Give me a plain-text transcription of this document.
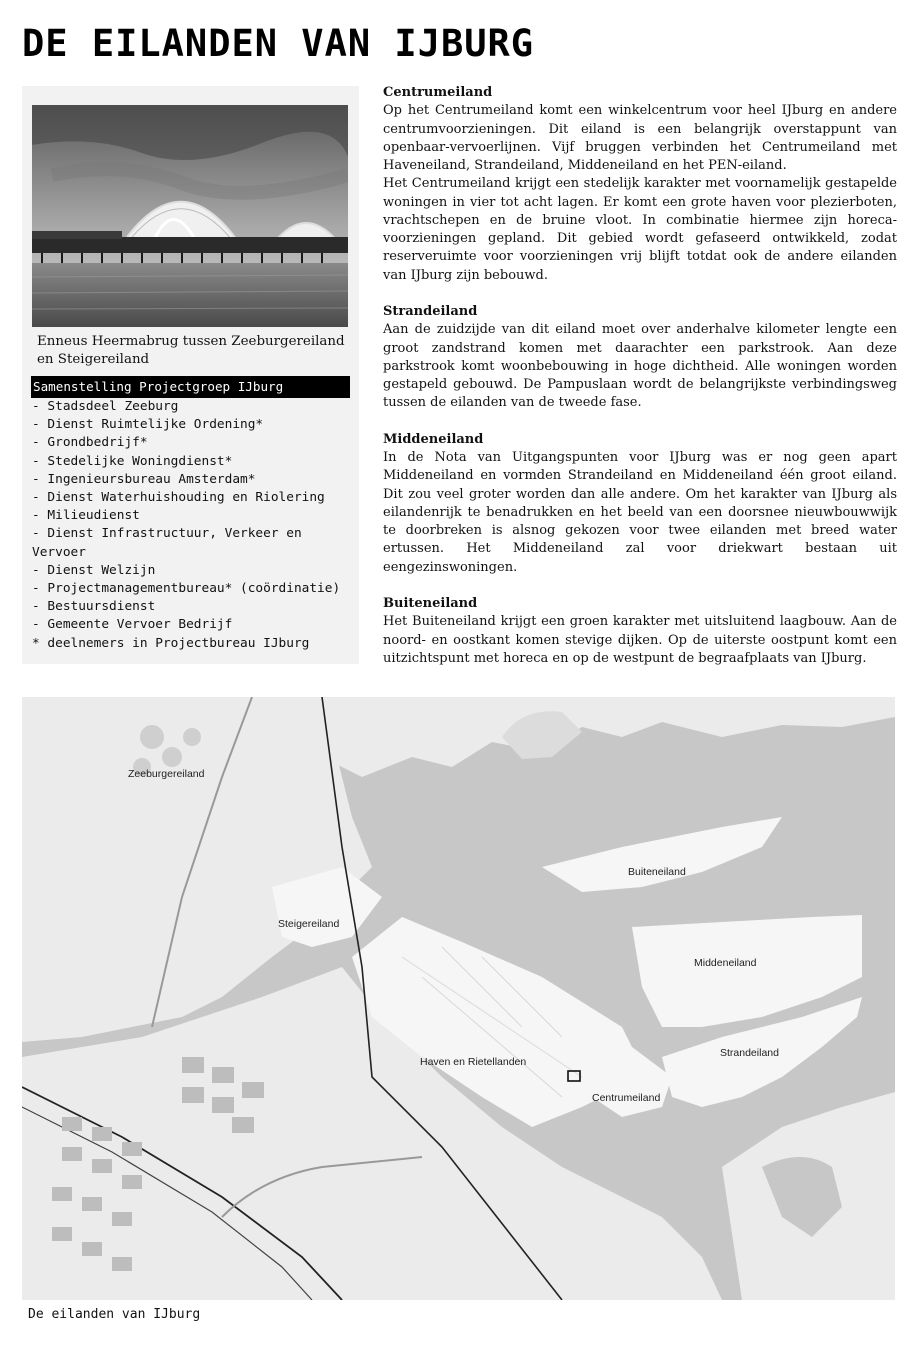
DE EILANDEN VAN IJBURG
Enneus Heermabrug tussen Zeeburgereiland en Steigereiland
Samenstelling Projectgroep IJburg
- Stadsdeel Zeeburg
- Dienst Ruimtelijke Ordening*
- Grondbedrijf*
- Stedelijke Woningdienst*
- Ingenieursbureau Amsterdam*
- Dienst Waterhuishouding en Riolering
- Milieudienst
- Dienst Infrastructuur, Verkeer en Vervoer
- Dienst Welzijn
- Projectmanagementbureau* (coördinatie)
- Bestuursdienst
- Gemeente Vervoer Bedrijf
* deelnemers in Projectbureau IJburg
Centrumeiland

Op het Centrumeiland komt een winkelcentrum voor heel IJburg en andere centrumvoorzieningen. Dit eiland is een belangrijk overstappunt van openbaar-vervoerlijnen. Vijf bruggen verbinden het Centrumeiland met Haveneiland, Strandeiland, Middeneiland en het PEN-eiland.

Het Centrumeiland krijgt een stedelijk karakter met voornamelijk gestapelde woningen in vier tot acht lagen. Er komt een grote haven voor plezierboten, vrachtschepen en de bruine vloot. In combinatie hiermee zijn horeca-voorzieningen gepland. Dit gebied wordt gefaseerd ontwikkeld, zodat reserveruimte voor voorzieningen vrij blijft totdat ook de andere eilanden van IJburg zijn bebouwd.

Strandeiland

Aan de zuidzijde van dit eiland moet over anderhalve kilometer lengte een groot zandstrand komen met daarachter een parkstrook. Aan deze parkstrook komt woonbebouwing in hoge dichtheid. Alle woningen worden gestapeld gebouwd. De Pampuslaan wordt de belangrijkste verbindingsweg tussen de eilanden van de tweede fase.

Middeneiland

In de Nota van Uitgangspunten voor IJburg was er nog geen apart Middeneiland en vormden Strandeiland en Middeneiland één groot eiland. Dit zou veel groter worden dan alle andere. Om het karakter van IJburg als eilandenrijk te benadrukken en het beeld van een doorsnee nieuwbouwwijk te doorbreken is alsnog gekozen voor twee eilanden met breed water ertussen. Het Middeneiland zal voor driekwart bestaan uit eengezinswoningen.

Buiteneiland

Het Buiteneiland krijgt een groen karakter met uitsluitend laagbouw. Aan de noord- en oostkant komen stevige dijken. Op de uiterste oostpunt komt een uitzichtspunt met horeca en op de westpunt de begraafplaats van IJburg.

Zeeburgereiland
Steigereiland
Haven en Rietellanden
Centrumeiland
Buiteneiland
Middeneiland
Strandeiland
De eilanden van IJburg
